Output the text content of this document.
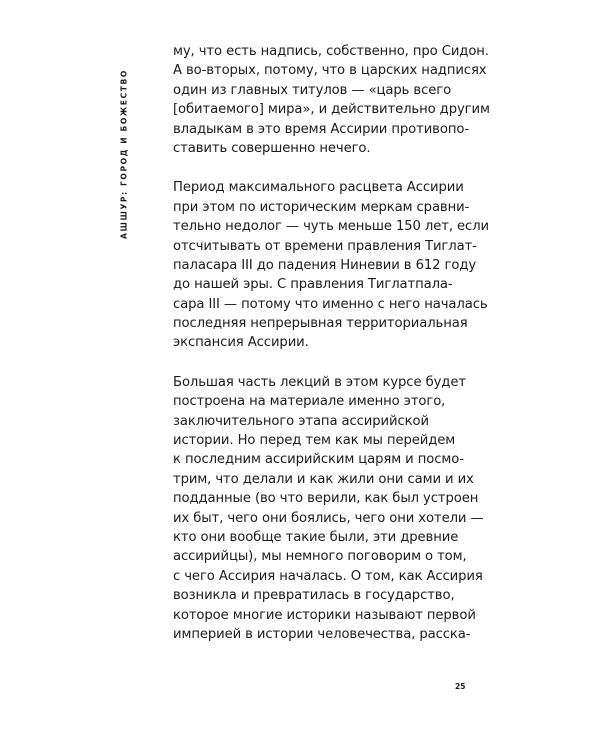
АШШУР: ГОРОД И БОЖЕСТВО
му, что есть надпись, собственно, про Сидон.
А во-вторых, потому, что в царских надписях
один из главных титулов — «царь всего
[обитаемого] мира», и действительно другим
владыкам в это время Ассирии противопо-
ставить совершенно нечего.
Период максимального расцвета Ассирии
при этом по историческим меркам сравни-
тельно недолог — чуть меньше 150 лет, если
отсчитывать от времени правления Тиглат-
паласара III до падения Ниневии в 612 году
до нашей эры. С правления Тиглатпала-
сара III — потому что именно с него началась
последняя непрерывная территориальная
экспансия Ассирии.
Большая часть лекций в этом курсе будет
построена на материале именно этого,
заключительного этапа ассирийской
истории. Но перед тем как мы перейдем
к последним ассирийским царям и посмо-
трим, что делали и как жили они сами и их
подданные (во что верили, как был устроен
их быт, чего они боялись, чего они хотели —
кто они вообще такие были, эти древние
ассирийцы), мы немного поговорим о том,
с чего Ассирия началась. О том, как Ассирия
возникла и превратилась в государство,
которое многие историки называют первой
империей в истории человечества, расска-
25
